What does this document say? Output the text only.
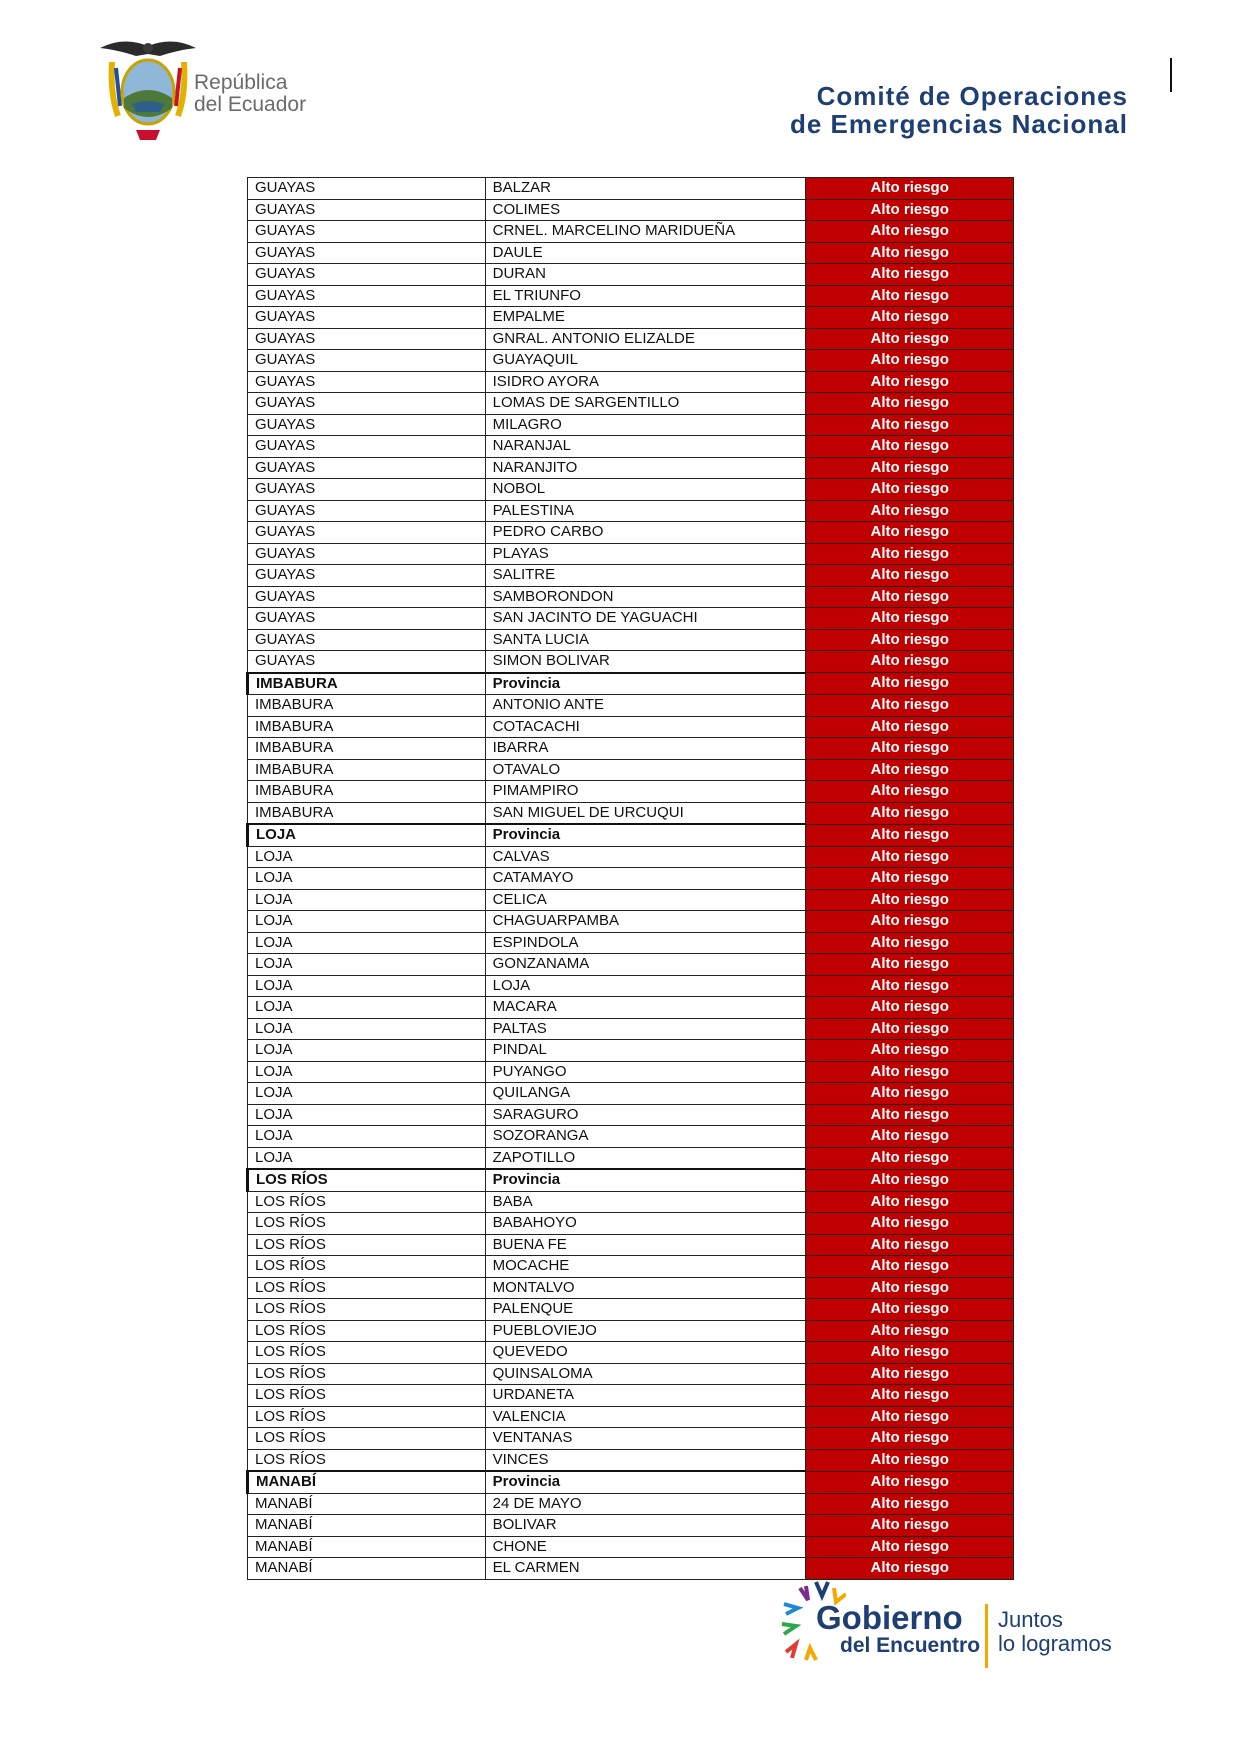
República
del Ecuador	Comité de Operaciones
de Emergencias Nacional
GUAYAS	BALZAR	Alto riesgo
GUAYAS	COLIMES	Alto riesgo
GUAYAS	CRNEL. MARCELINO MARIDUEÑA	Alto riesgo
GUAYAS	DAULE	Alto riesgo
GUAYAS	DURAN	Alto riesgo
GUAYAS	EL TRIUNFO	Alto riesgo
GUAYAS	EMPALME	Alto riesgo
GUAYAS	GNRAL. ANTONIO ELIZALDE	Alto riesgo
GUAYAS	GUAYAQUIL	Alto riesgo
GUAYAS	ISIDRO AYORA	Alto riesgo
GUAYAS	LOMAS DE SARGENTILLO	Alto riesgo
GUAYAS	MILAGRO	Alto riesgo
GUAYAS	NARANJAL	Alto riesgo
GUAYAS	NARANJITO	Alto riesgo
GUAYAS	NOBOL	Alto riesgo
GUAYAS	PALESTINA	Alto riesgo
GUAYAS	PEDRO CARBO	Alto riesgo
GUAYAS	PLAYAS	Alto riesgo
GUAYAS	SALITRE	Alto riesgo
GUAYAS	SAMBORONDON	Alto riesgo
GUAYAS	SAN JACINTO DE YAGUACHI	Alto riesgo
GUAYAS	SANTA LUCIA	Alto riesgo
GUAYAS	SIMON BOLIVAR	Alto riesgo
IMBABURA	Provincia	Alto riesgo
IMBABURA	ANTONIO ANTE	Alto riesgo
IMBABURA	COTACACHI	Alto riesgo
IMBABURA	IBARRA	Alto riesgo
IMBABURA	OTAVALO	Alto riesgo
IMBABURA	PIMAMPIRO	Alto riesgo
IMBABURA	SAN MIGUEL DE URCUQUI	Alto riesgo
LOJA	Provincia	Alto riesgo
LOJA	CALVAS	Alto riesgo
LOJA	CATAMAYO	Alto riesgo
LOJA	CELICA	Alto riesgo
LOJA	CHAGUARPAMBA	Alto riesgo
LOJA	ESPINDOLA	Alto riesgo
LOJA	GONZANAMA	Alto riesgo
LOJA	LOJA	Alto riesgo
LOJA	MACARA	Alto riesgo
LOJA	PALTAS	Alto riesgo
LOJA	PINDAL	Alto riesgo
LOJA	PUYANGO	Alto riesgo
LOJA	QUILANGA	Alto riesgo
LOJA	SARAGURO	Alto riesgo
LOJA	SOZORANGA	Alto riesgo
LOJA	ZAPOTILLO	Alto riesgo
LOS RÍOS	Provincia	Alto riesgo
LOS RÍOS	BABA	Alto riesgo
LOS RÍOS	BABAHOYO	Alto riesgo
LOS RÍOS	BUENA FE	Alto riesgo
LOS RÍOS	MOCACHE	Alto riesgo
LOS RÍOS	MONTALVO	Alto riesgo
LOS RÍOS	PALENQUE	Alto riesgo
LOS RÍOS	PUEBLOVIEJO	Alto riesgo
LOS RÍOS	QUEVEDO	Alto riesgo
LOS RÍOS	QUINSALOMA	Alto riesgo
LOS RÍOS	URDANETA	Alto riesgo
LOS RÍOS	VALENCIA	Alto riesgo
LOS RÍOS	VENTANAS	Alto riesgo
LOS RÍOS	VINCES	Alto riesgo
MANABÍ	Provincia	Alto riesgo
MANABÍ	24 DE MAYO	Alto riesgo
MANABÍ	BOLIVAR	Alto riesgo
MANABÍ	CHONE	Alto riesgo
MANABÍ	EL CARMEN	Alto riesgo
Gobierno
del Encuentro
Juntos
lo logramos
